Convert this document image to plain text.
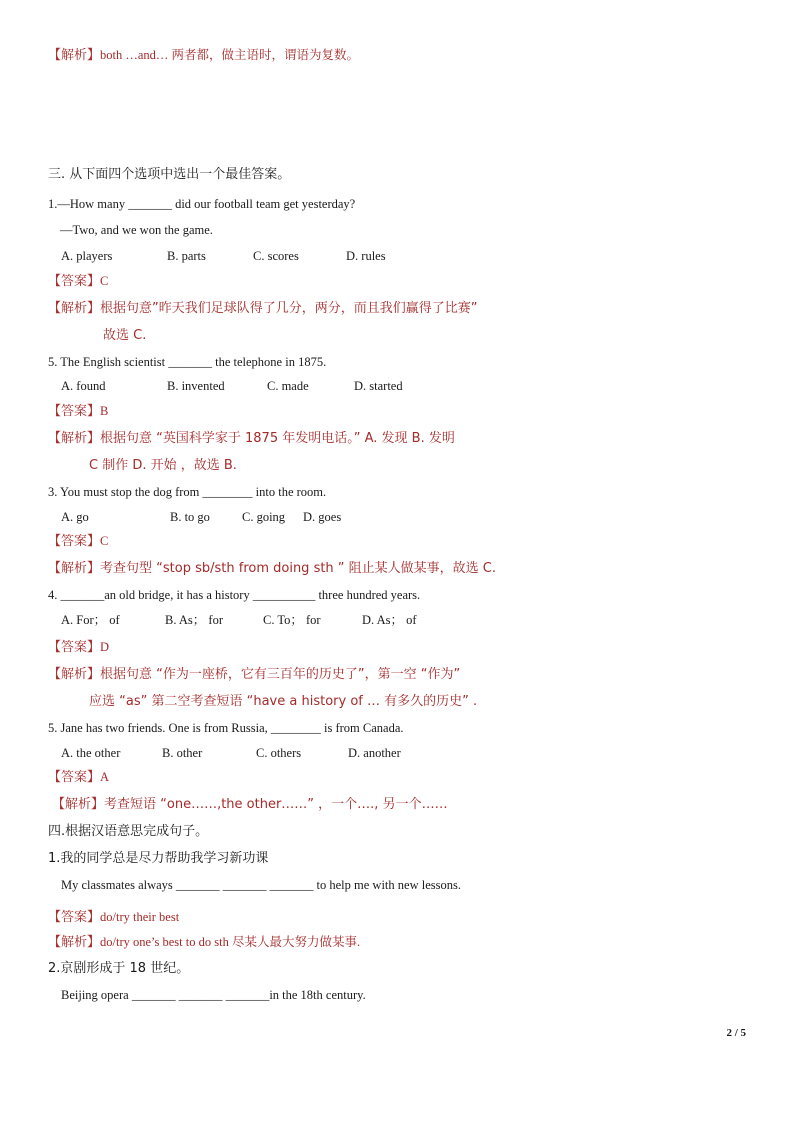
【解析】both …and… 两者都，做主语时，谓语为复数。
三. 从下面四个选项中选出一个最佳答案。
1.—How many _______ did our football team get yesterday?
—Two, and we won the game.
A. players	B. parts	C. scores	D. rules
【答案】C
【解析】根据句意”昨天我们足球队得了几分，两分，而且我们赢得了比赛”
故选 C.
5. The English scientist _______ the telephone in 1875.
A. found	B. invented	C. made	D. started
【答案】B
【解析】根据句意 “英国科学家于 1875 年发明电话。” A. 发现 B. 发明
C 制作 D. 开始 ，故选 B.
3. You must stop the dog from ________ into the room.
A. go	B. to go	C. going D. goes
【答案】C
【解析】考查句型 “stop sb/sth from doing sth ” 阻止某人做某事，故选 C.
4. _______an old bridge, it has a history __________ three hundred years.
A. For； of	B. As； for	C. To； for	D. As； of
【答案】D
【解析】根据句意 “作为一座桥，它有三百年的历史了”，第一空 “作为”
应选 “as” 第二空考查短语 “have a history of … 有多久的历史” .
5. Jane has two friends. One is from Russia, ________ is from Canada.
A. the other	B. other	C. others	D. another
【答案】A
【解析】考查短语 “one……,the other……” ，一个…., 另一个……
四.根据汉语意思完成句子。
1.我的同学总是尽力帮助我学习新功课
My classmates always _______ _______ _______ to help me with new lessons.
【答案】do/try their best
【解析】do/try one’s best to do sth 尽某人最大努力做某事.
2.京剧形成于 18 世纪。
Beijing opera _______ _______ _______in the 18th century.
2 / 5
